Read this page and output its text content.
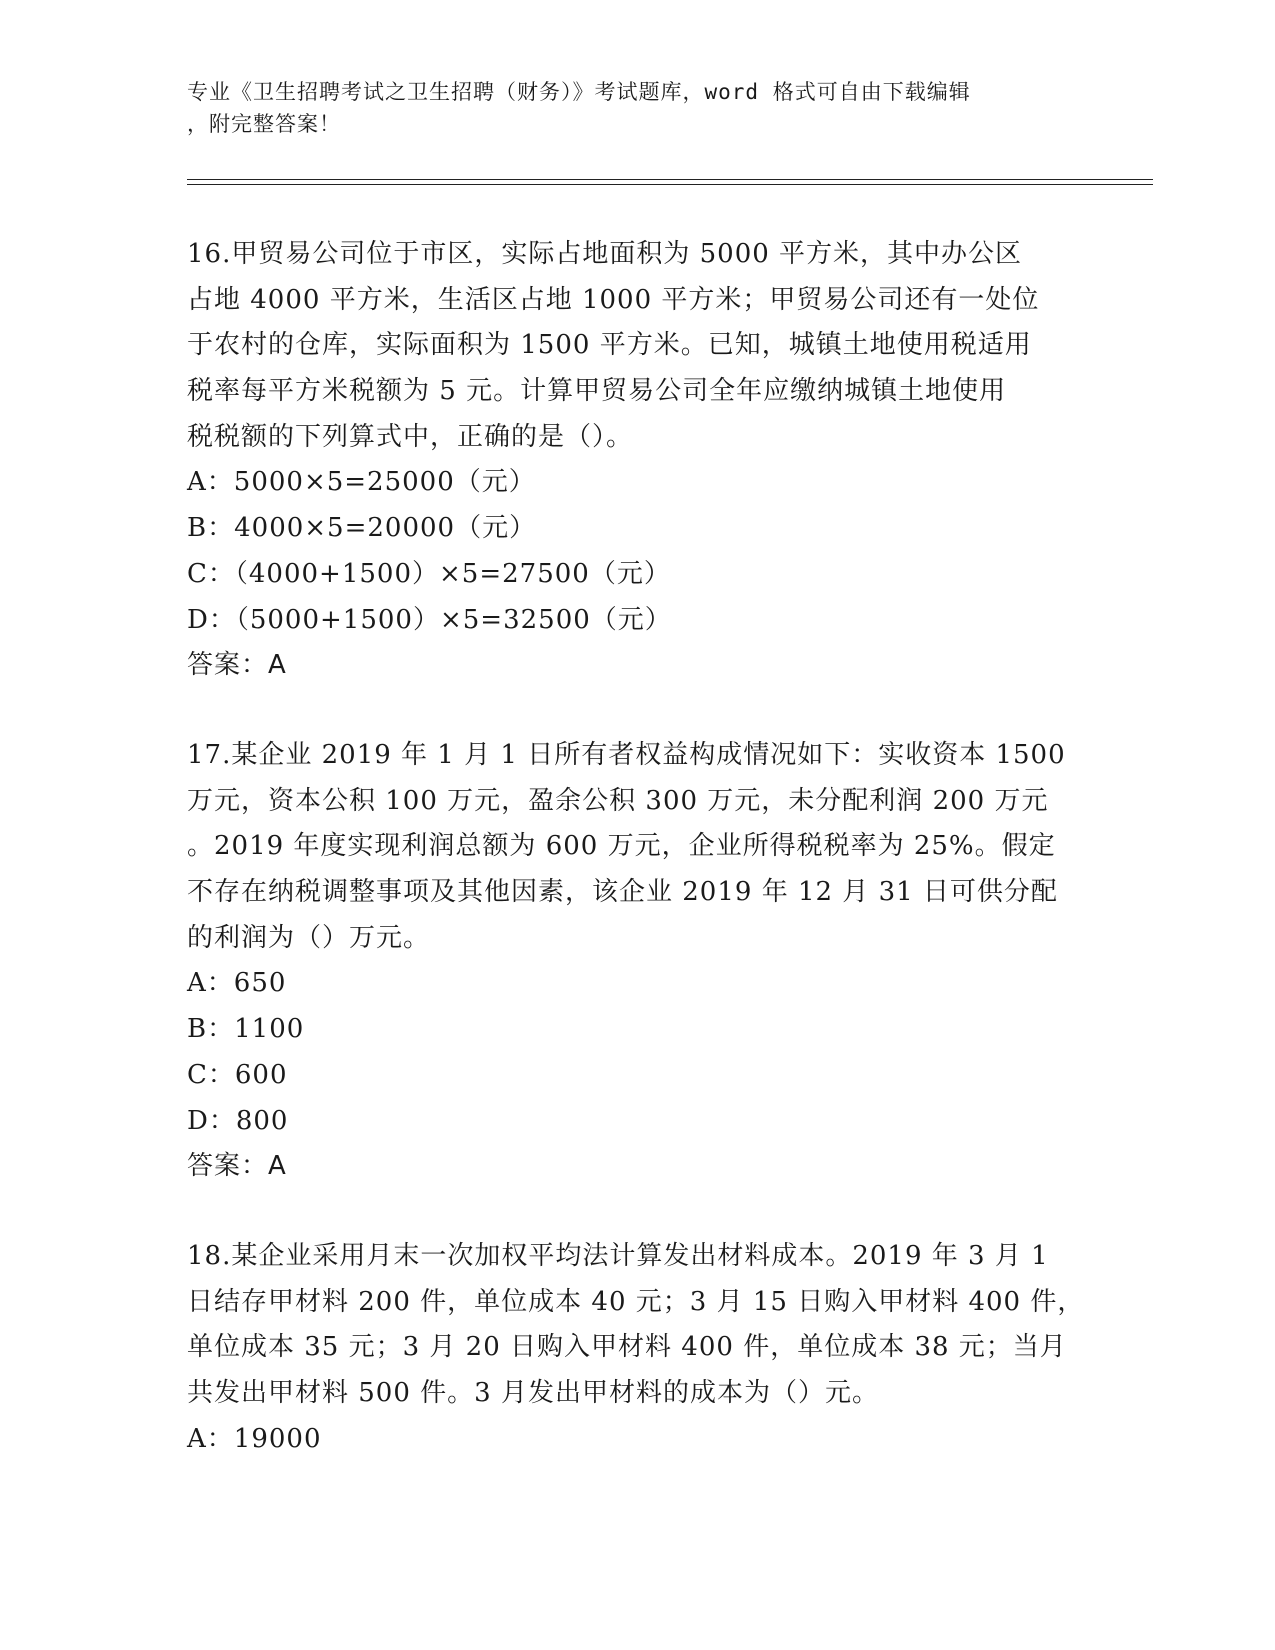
专业《卫生招聘考试之卫生招聘（财务）》考试题库，word 格式可自由下载编辑
，附完整答案！
16.甲贸易公司位于市区，实际占地面积为 5000 平方米，其中办公区
占地 4000 平方米，生活区占地 1000 平方米；甲贸易公司还有一处位
于农村的仓库，实际面积为 1500 平方米。已知，城镇土地使用税适用
税率每平方米税额为 5 元。计算甲贸易公司全年应缴纳城镇土地使用
税税额的下列算式中，正确的是（）。
A：5000×5=25000（元）
B：4000×5=20000（元）
C：（4000+1500）×5=27500（元）
D：（5000+1500）×5=32500（元）
答案：A
17.某企业 2019 年 1 月 1 日所有者权益构成情况如下：实收资本 1500
万元，资本公积 100 万元，盈余公积 300 万元，未分配利润 200 万元
。2019 年度实现利润总额为 600 万元，企业所得税税率为 25%。假定
不存在纳税调整事项及其他因素，该企业 2019 年 12 月 31 日可供分配
的利润为（）万元。
A：650
B：1100
C：600
D：800
答案：A
18.某企业采用月末一次加权平均法计算发出材料成本。2019 年 3 月 1
日结存甲材料 200 件，单位成本 40 元；3 月 15 日购入甲材料 400 件，
单位成本 35 元；3 月 20 日购入甲材料 400 件，单位成本 38 元；当月
共发出甲材料 500 件。3 月发出甲材料的成本为（）元。
A：19000
